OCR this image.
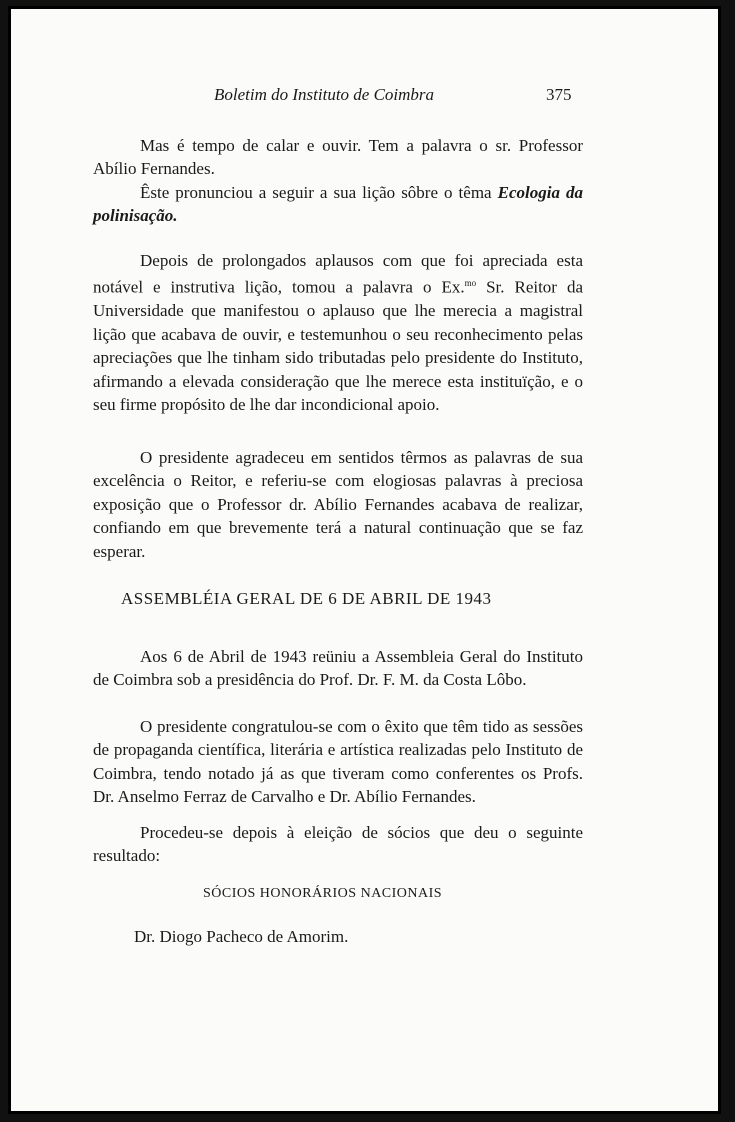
Boletim do Instituto de Coimbra	375

Mas é tempo de calar e ouvir. Tem a palavra o sr. Professor Abílio Fernandes.

Êste pronunciou a seguir a sua lição sôbre o têma Ecologia da polinisação.

Depois de prolongados aplausos com que foi apreciada esta notável e instrutiva lição, tomou a palavra o Ex.$^{mo}$ Sr. Reitor da Universidade que manifestou o aplauso que lhe merecia a magistral lição que acabava de ouvir, e testemunhou o seu reconhecimento pelas apreciações que lhe tinham sido tributadas pelo presidente do Instituto, afirmando a elevada consideração que lhe merece esta instituïção, e o seu firme propósito de lhe dar incondicional apoio.

O presidente agradeceu em sentidos têrmos as palavras de sua excelência o Reitor, e referiu-se com elogiosas palavras à preciosa exposição que o Professor dr. Abílio Fernandes acabava de realizar, confiando em que brevemente terá a natural continuação que se faz esperar.

ASSEMBLÉIA GERAL DE 6 DE ABRIL DE 1943

Aos 6 de Abril de 1943 reüniu a Assembleia Geral do Instituto de Coimbra sob a presidência do Prof. Dr. F. M. da Costa Lôbo.

O presidente congratulou-se com o êxito que têm tido as sessões de propaganda científica, literária e artística realizadas pelo Instituto de Coimbra, tendo notado já as que tiveram como conferentes os Profs. Dr. Anselmo Ferraz de Carvalho e Dr. Abílio Fernandes.

Procedeu-se depois à eleição de sócios que deu o seguinte resultado:

SÓCIOS HONORÁRIOS NACIONAIS
Dr. Diogo Pacheco de Amorim.
